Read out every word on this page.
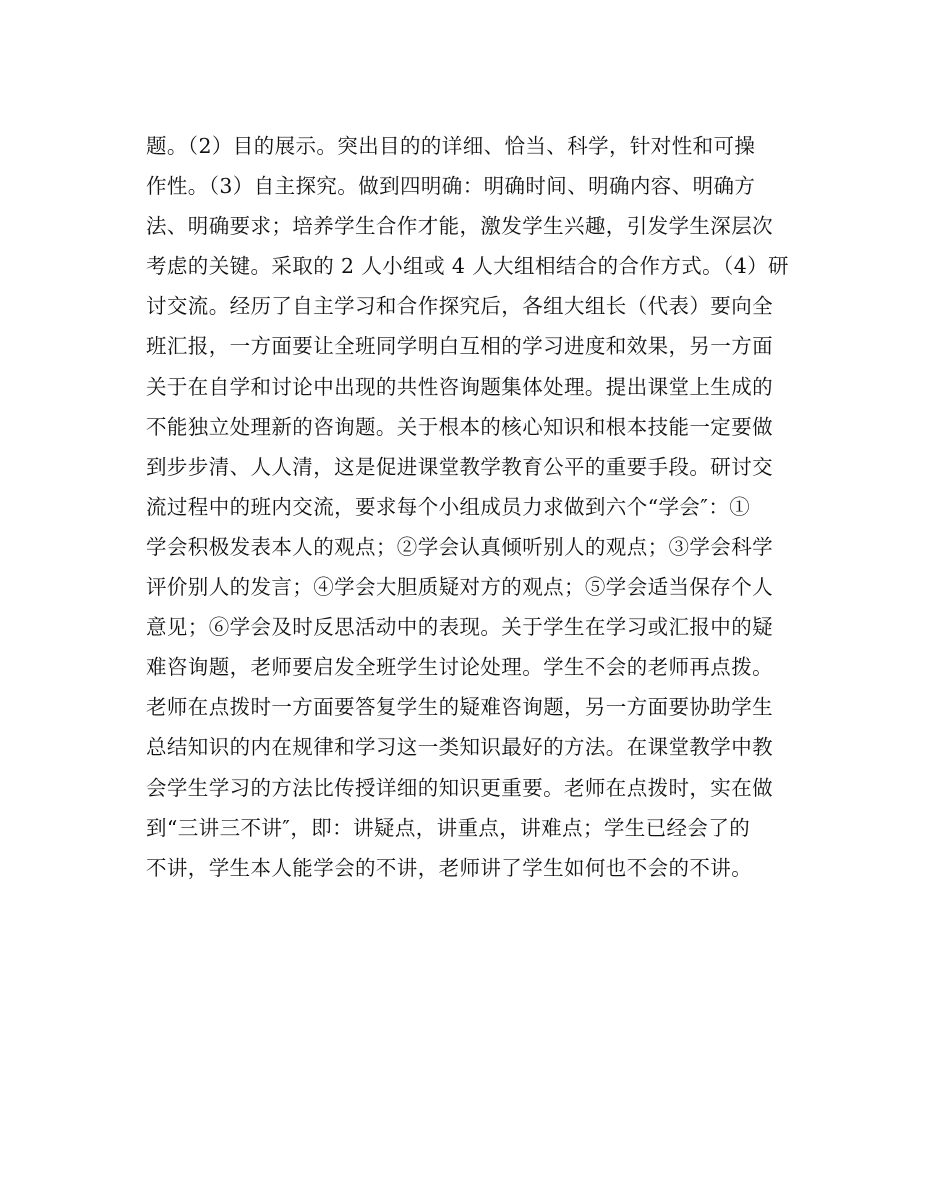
题。（2）目的展示。突出目的的详细、恰当、科学，针对性和可操
作性。（3）自主探究。做到四明确：明确时间、明确内容、明确方
法、明确要求；培养学生合作才能，激发学生兴趣，引发学生深层次
考虑的关键。采取的 2 人小组或 4 人大组相结合的合作方式。（4）研
讨交流。经历了自主学习和合作探究后，各组大组长（代表）要向全
班汇报，一方面要让全班同学明白互相的学习进度和效果，另一方面
关于在自学和讨论中出现的共性咨询题集体处理。提出课堂上生成的
不能独立处理新的咨询题。关于根本的核心知识和根本技能一定要做
到步步清、人人清，这是促进课堂教学教育公平的重要手段。研讨交
流过程中的班内交流，要求每个小组成员力求做到六个“学会″：①
学会积极发表本人的观点；②学会认真倾听别人的观点；③学会科学
评价别人的发言；④学会大胆质疑对方的观点；⑤学会适当保存个人
意见；⑥学会及时反思活动中的表现。关于学生在学习或汇报中的疑
难咨询题，老师要启发全班学生讨论处理。学生不会的老师再点拨。
老师在点拨时一方面要答复学生的疑难咨询题，另一方面要协助学生
总结知识的内在规律和学习这一类知识最好的方法。在课堂教学中教
会学生学习的方法比传授详细的知识更重要。老师在点拨时，实在做
到“三讲三不讲″，即：讲疑点，讲重点，讲难点；学生已经会了的
不讲，学生本人能学会的不讲，老师讲了学生如何也不会的不讲。
